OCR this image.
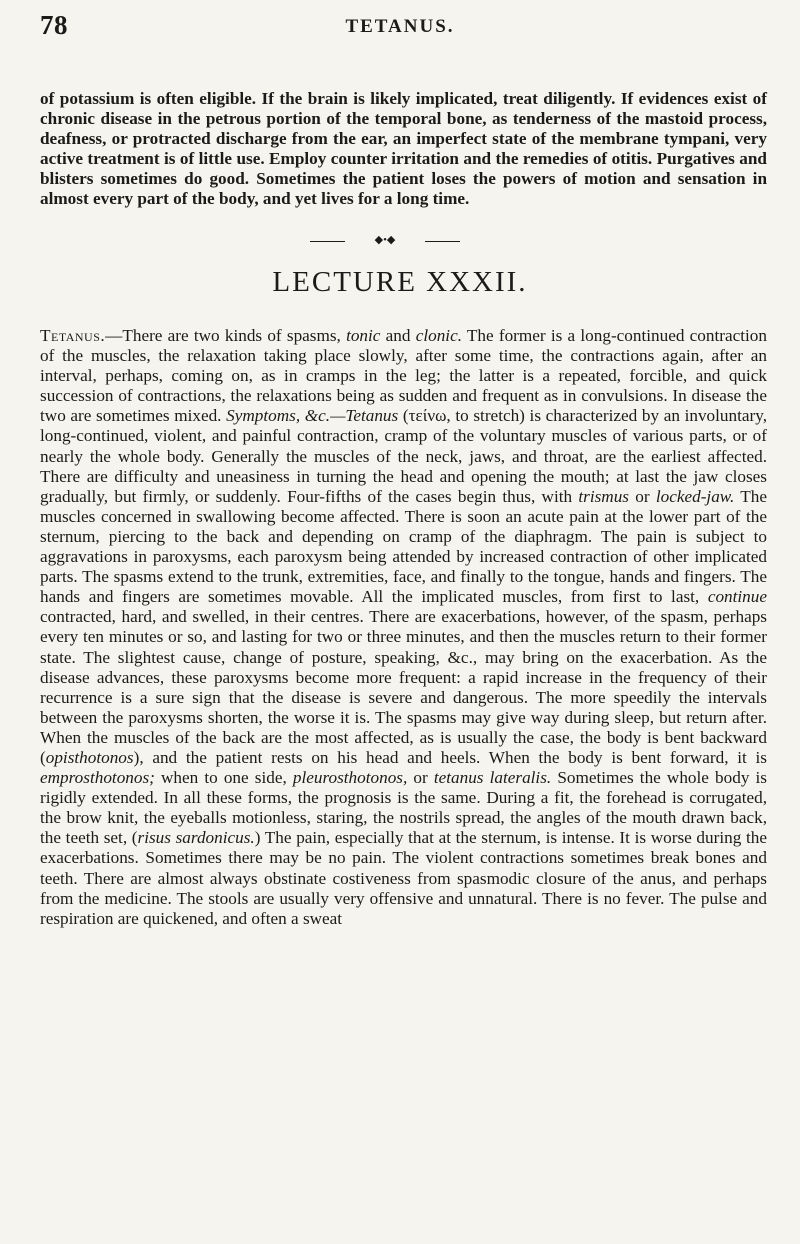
78	TETANUS.

of potassium is often eligible. If the brain is likely implicated, treat diligently. If evidences exist of chronic disease in the petrous portion of the temporal bone, as tenderness of the mastoid process, deafness, or protracted discharge from the ear, an imperfect state of the membrane tympani, very active treatment is of little use. Employ counter irritation and the remedies of otitis. Purgatives and blisters sometimes do good. Sometimes the patient loses the powers of motion and sensation in almost every part of the body, and yet lives for a long time.

◆•◆
LECTURE XXXII.

Tetanus.—There are two kinds of spasms, tonic and clonic. The former is a long-continued contraction of the muscles, the relaxation taking place slowly, after some time, the contractions again, after an interval, perhaps, coming on, as in cramps in the leg; the latter is a repeated, forcible, and quick succession of contractions, the relaxations being as sudden and frequent as in convulsions. In disease the two are sometimes mixed. Symptoms, &c.—Tetanus (τείνω, to stretch) is characterized by an involuntary, long-continued, violent, and painful contraction, cramp of the voluntary muscles of various parts, or of nearly the whole body. Generally the muscles of the neck, jaws, and throat, are the earliest affected. There are difficulty and uneasiness in turning the head and opening the mouth; at last the jaw closes gradually, but firmly, or suddenly. Four-fifths of the cases begin thus, with trismus or locked-jaw. The muscles concerned in swallowing become affected. There is soon an acute pain at the lower part of the sternum, piercing to the back and depending on cramp of the diaphragm. The pain is subject to aggravations in paroxysms, each paroxysm being attended by increased contraction of other implicated parts. The spasms extend to the trunk, extremities, face, and finally to the tongue, hands and fingers. The hands and fingers are sometimes movable. All the implicated muscles, from first to last, continue contracted, hard, and swelled, in their centres. There are exacerbations, however, of the spasm, perhaps every ten minutes or so, and lasting for two or three minutes, and then the muscles return to their former state. The slightest cause, change of posture, speaking, &c., may bring on the exacerbation. As the disease advances, these paroxysms become more frequent: a rapid increase in the frequency of their recurrence is a sure sign that the disease is severe and dangerous. The more speedily the intervals between the paroxysms shorten, the worse it is. The spasms may give way during sleep, but return after. When the muscles of the back are the most affected, as is usually the case, the body is bent backward (opisthotonos), and the patient rests on his head and heels. When the body is bent forward, it is emprosthotonos; when to one side, pleurosthotonos, or tetanus lateralis. Sometimes the whole body is rigidly extended. In all these forms, the prognosis is the same. During a fit, the forehead is corrugated, the brow knit, the eyeballs motionless, staring, the nostrils spread, the angles of the mouth drawn back, the teeth set, (risus sardonicus.) The pain, especially that at the sternum, is intense. It is worse during the exacerbations. Sometimes there may be no pain. The violent contractions sometimes break bones and teeth. There are almost always obstinate costiveness from spasmodic closure of the anus, and perhaps from the medicine. The stools are usually very offensive and unnatural. There is no fever. The pulse and respiration are quickened, and often a sweat
